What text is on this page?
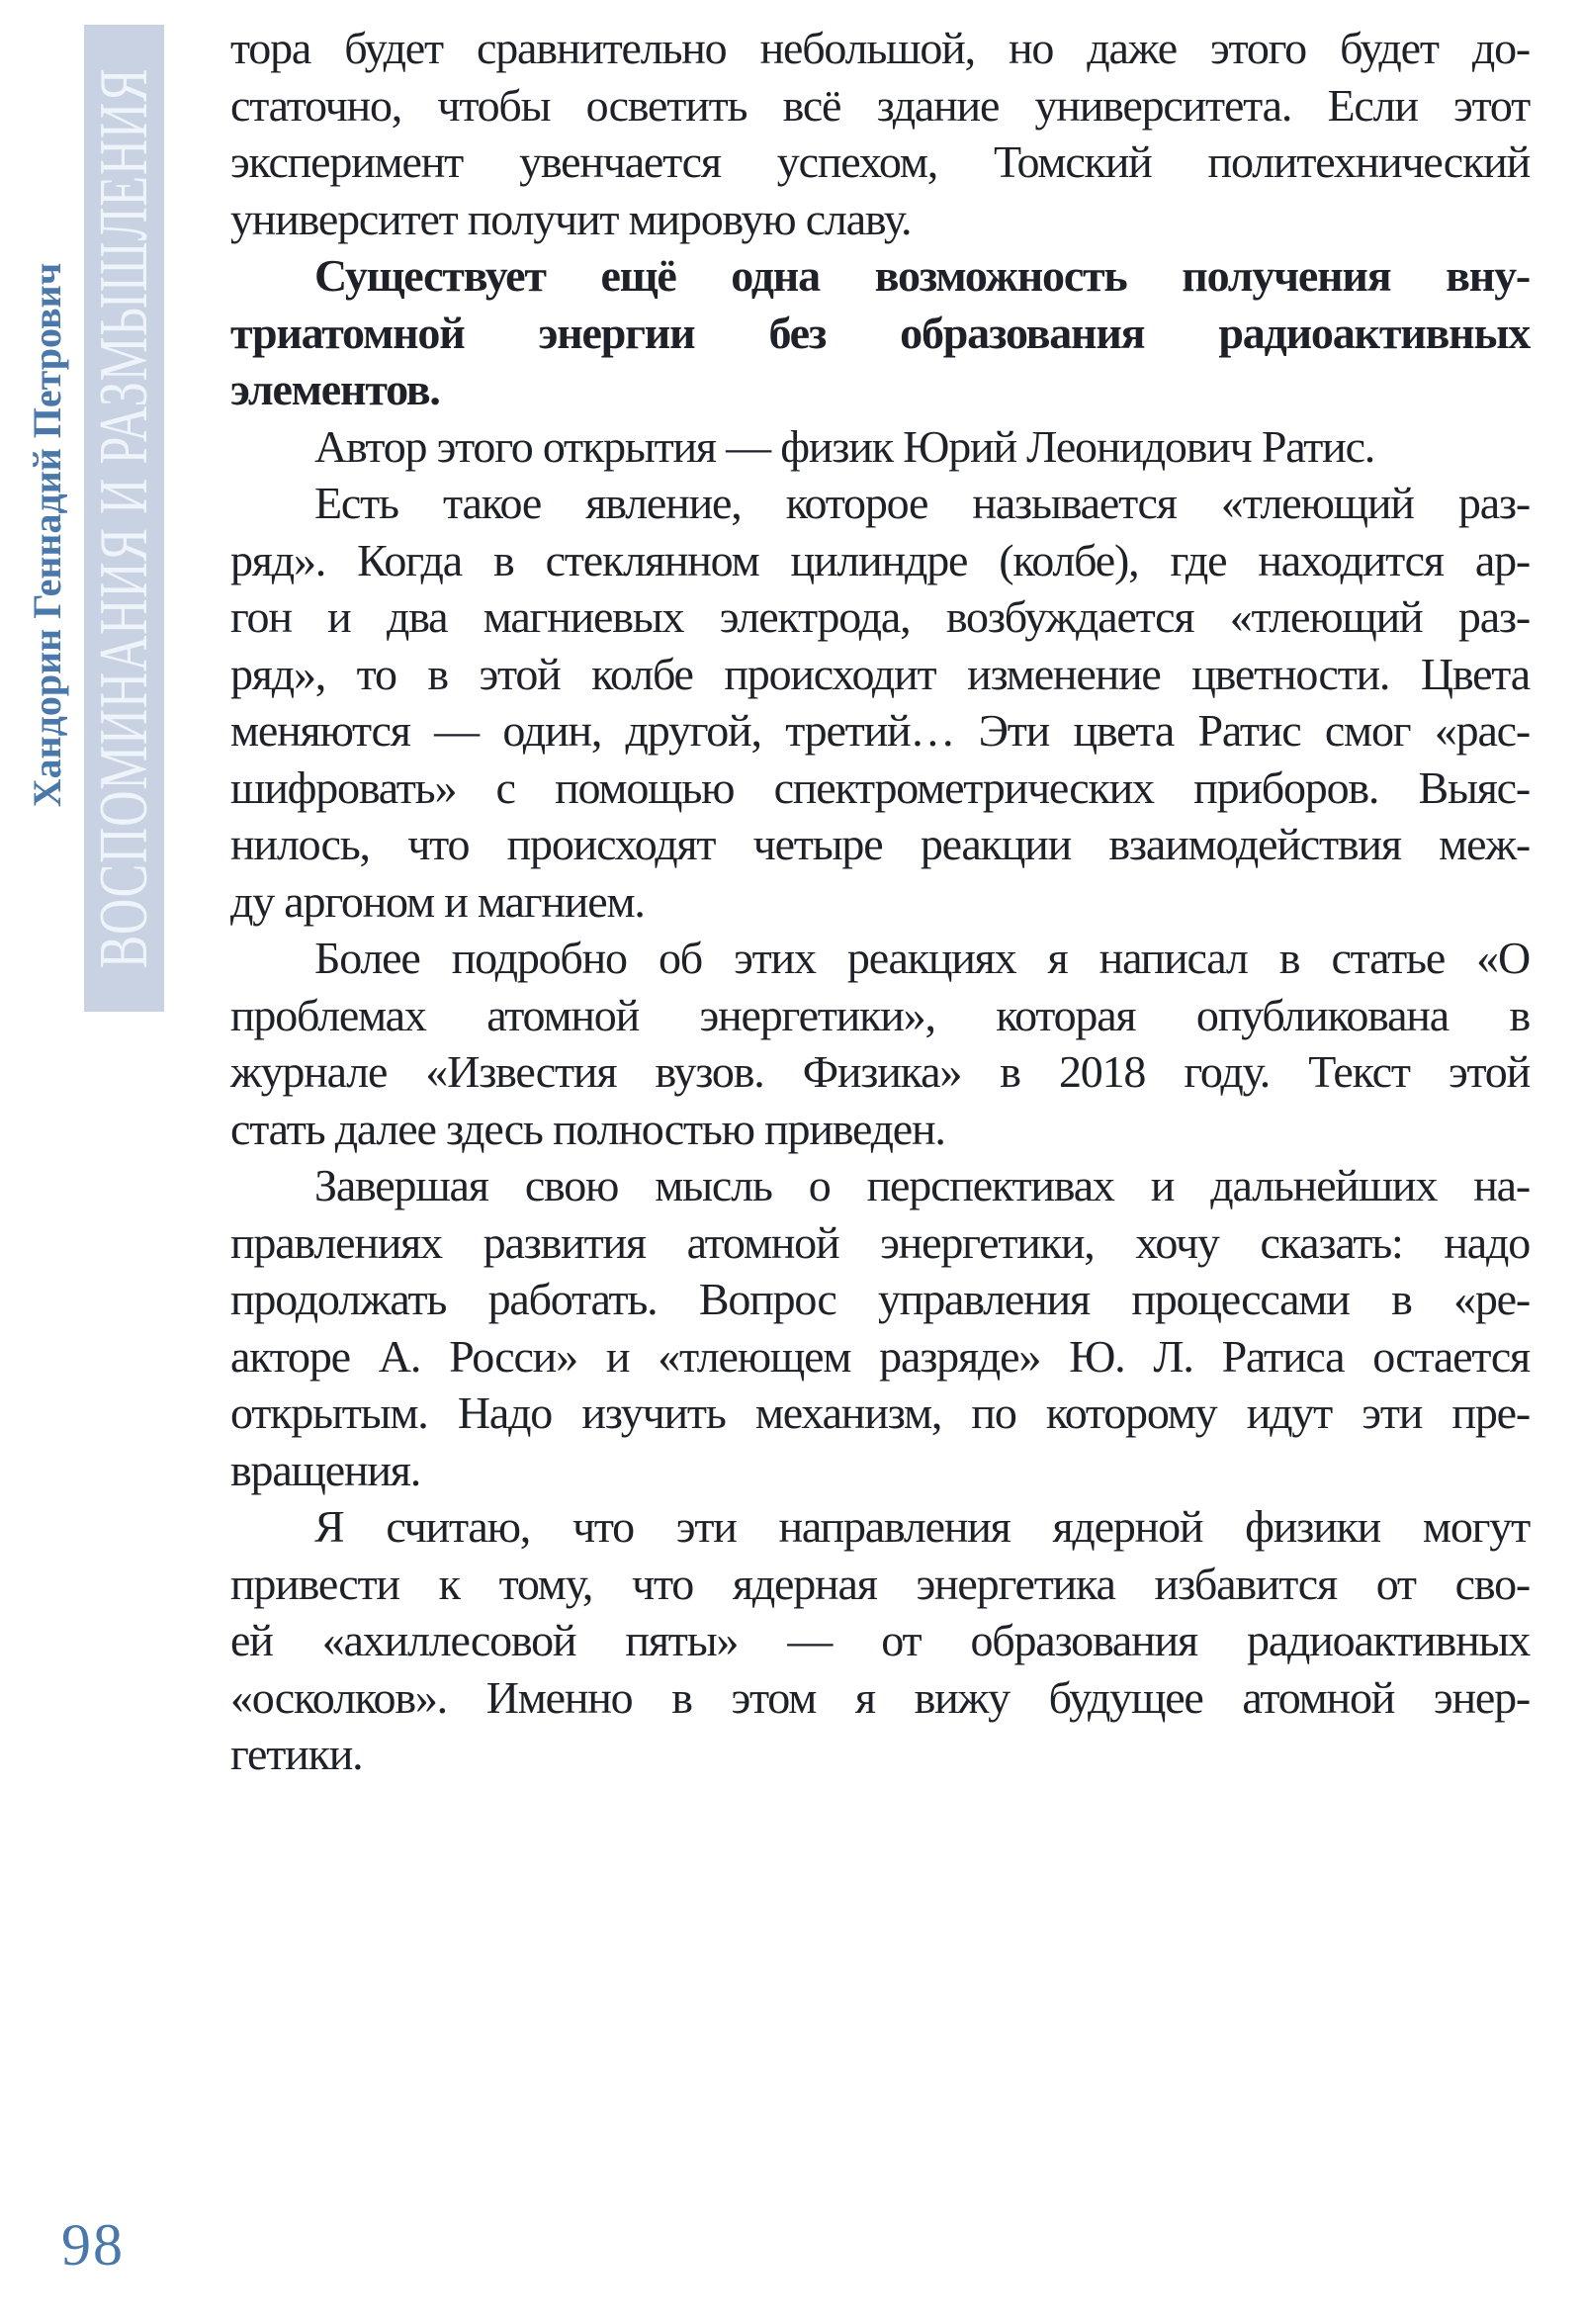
ВОСПОМИНАНИЯ И РАЗМЫШЛЕНИЯ
Хандорин Геннадий Петрович
тора будет сравнительно небольшой, но даже этого будет до-
статочно, чтобы осветить всё здание университета. Если этот
эксперимент увенчается успехом, Томский политехнический
университет получит мировую славу.
Существует ещё одна возможность получения вну-
триатомной энергии без образования радиоактивных
элементов.
Автор этого открытия — физик Юрий Леонидович Ратис.
Есть такое явление, которое называется «тлеющий раз-
ряд». Когда в стеклянном цилиндре (колбе), где находится ар-
гон и два магниевых электрода, возбуждается «тлеющий раз-
ряд», то в этой колбе происходит изменение цветности. Цвета
меняются — один, другой, третий… Эти цвета Ратис смог «рас-
шифровать» с помощью спектрометрических приборов. Выяс-
нилось, что происходят четыре реакции взаимодействия меж-
ду аргоном и магнием.
Более подробно об этих реакциях я написал в статье «О
проблемах атомной энергетики», которая опубликована в
журнале «Известия вузов. Физика» в 2018 году. Текст этой
стать далее здесь полностью приведен.
Завершая свою мысль о перспективах и дальнейших на-
правлениях развития атомной энергетики, хочу сказать: надо
продолжать работать. Вопрос управления процессами в «ре-
акторе А. Росси» и «тлеющем разряде» Ю. Л. Ратиса остается
открытым. Надо изучить механизм, по которому идут эти пре-
вращения.
Я считаю, что эти направления ядерной физики могут
привести к тому, что ядерная энергетика избавится от сво-
ей «ахиллесовой пяты» — от образования радиоактивных
«осколков». Именно в этом я вижу будущее атомной энер-
гетики.
98
